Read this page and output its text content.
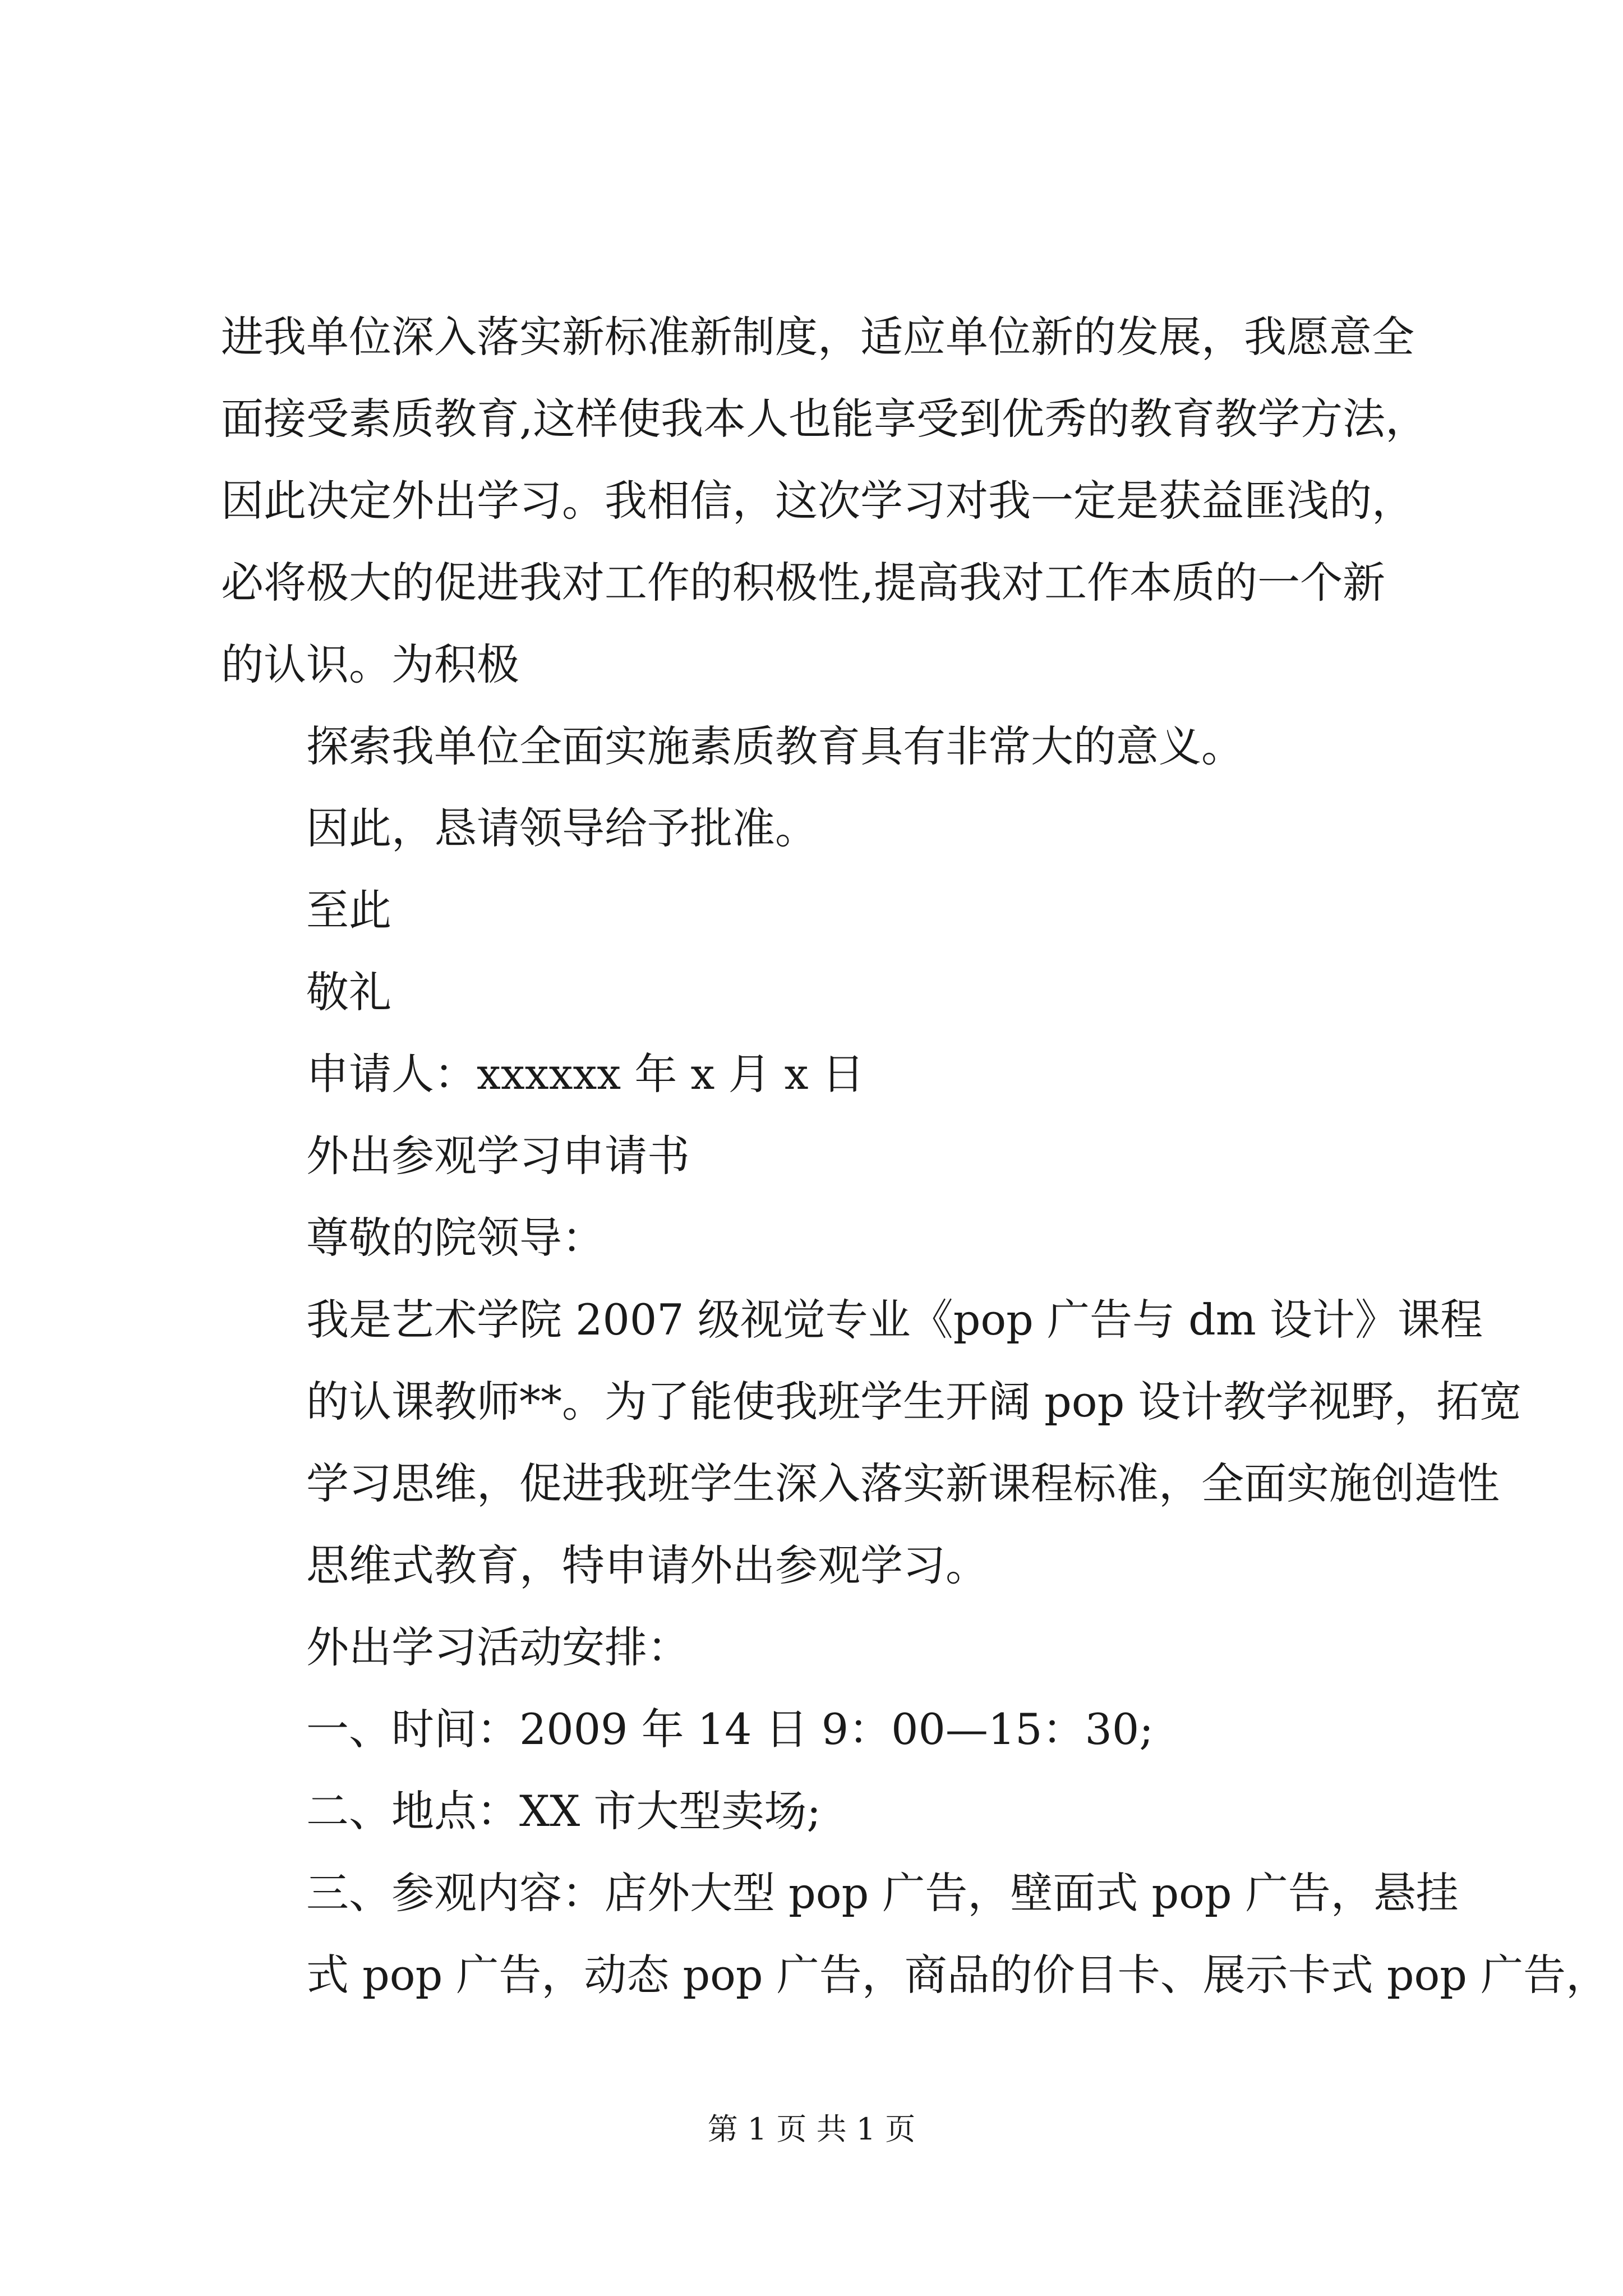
进我单位深入落实新标准新制度，适应单位新的发展，我愿意全
面接受素质教育,这样使我本人也能享受到优秀的教育教学方法，
因此决定外出学习。我相信，这次学习对我一定是获益匪浅的，
必将极大的促进我对工作的积极性,提高我对工作本质的一个新
的认识。为积极

探索我单位全面实施素质教育具有非常大的意义。

因此，恳请领导给予批准。

至此

敬礼

申请人：xxxxxx 年 x 月 x 日

外出参观学习申请书

尊敬的院领导：

我是艺术学院 2007 级视觉专业《pop 广告与 dm 设计》课程
的认课教师**。为了能使我班学生开阔 pop 设计教学视野，拓宽
学习思维，促进我班学生深入落实新课程标准，全面实施创造性
思维式教育，特申请外出参观学习。

外出学习活动安排：

一、时间：2009 年 14 日 9：00—15：30;

二、地点：XX 市大型卖场;

三、参观内容：店外大型 pop 广告，壁面式 pop 广告，悬挂
式 pop 广告，动态 pop 广告，商品的价目卡、展示卡式 pop 广告，

第 1 页 共 1 页
